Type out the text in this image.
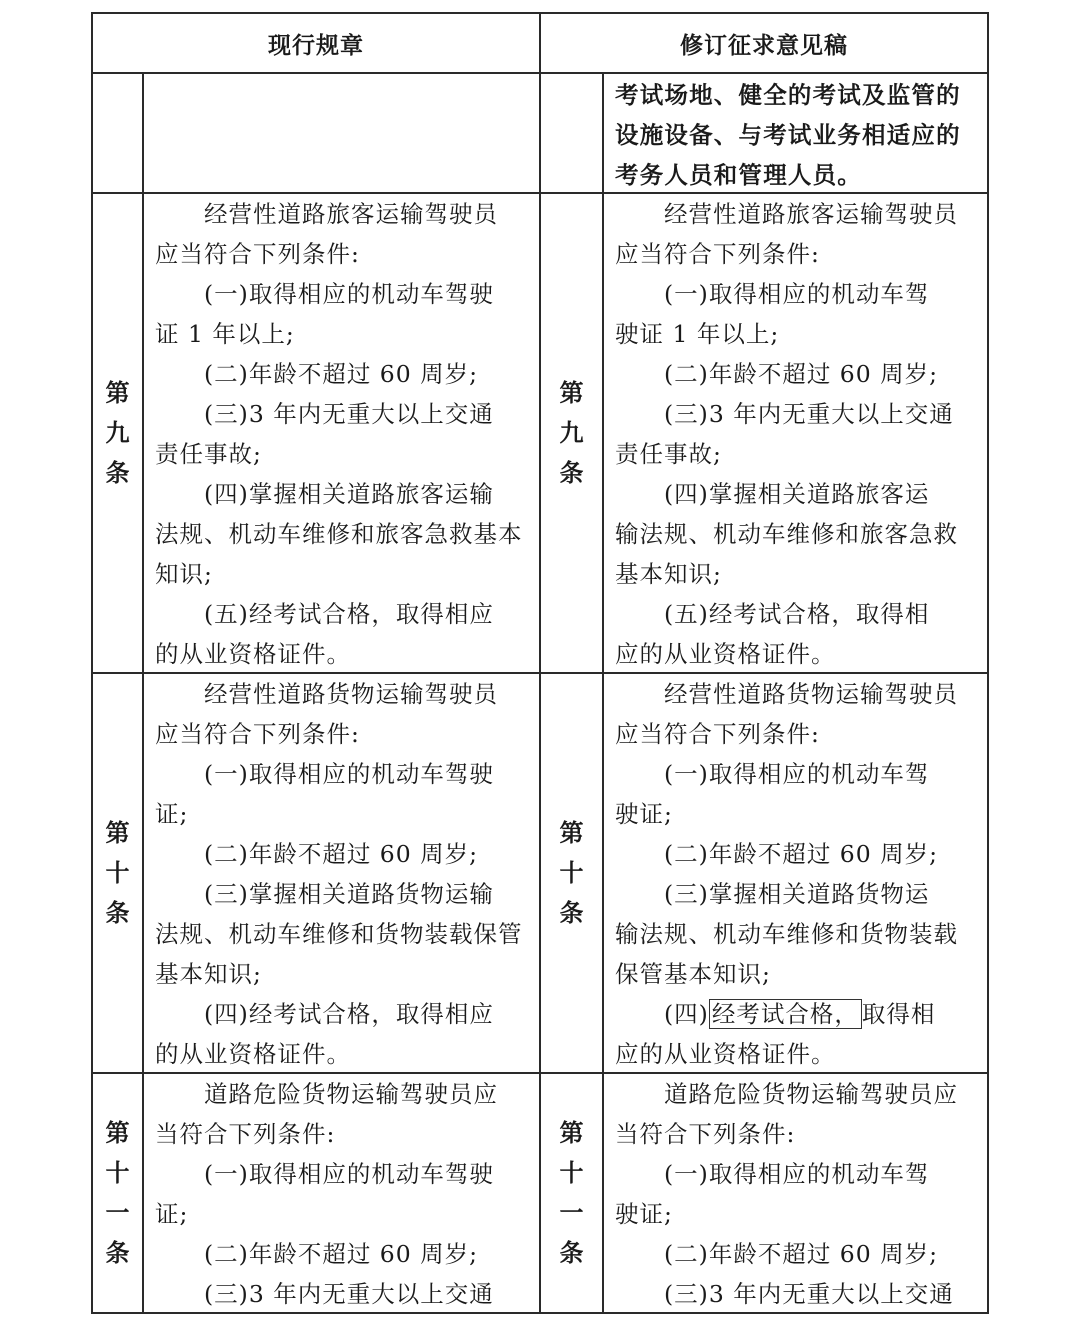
现行规章	修订征求意见稿
考试场地、健全的考试及监管的
设施设备、与考试业务相适应的
考务人员和管理人员。
第
九
条
　　经营性道路旅客运输驾驶员
应当符合下列条件:
　　(一)取得相应的机动车驾驶
证 1 年以上;
　　(二)年龄不超过 60 周岁;
　　(三)3 年内无重大以上交通
责任事故;
　　(四)掌握相关道路旅客运输
法规、机动车维修和旅客急救基本
知识;
　　(五)经考试合格，取得相应
的从业资格证件。
第
九
条
　　经营性道路旅客运输驾驶员
应当符合下列条件:
　　(一)取得相应的机动车驾
驶证 1 年以上;
　　(二)年龄不超过 60 周岁;
　　(三)3 年内无重大以上交通
责任事故;
　　(四)掌握相关道路旅客运
输法规、机动车维修和旅客急救
基本知识;
　　(五)经考试合格，取得相
应的从业资格证件。
第
十
条
　　经营性道路货物运输驾驶员
应当符合下列条件:
　　(一)取得相应的机动车驾驶
证;
　　(二)年龄不超过 60 周岁;
　　(三)掌握相关道路货物运输
法规、机动车维修和货物装载保管
基本知识;
　　(四)经考试合格，取得相应
的从业资格证件。
第
十
条
　　经营性道路货物运输驾驶员
应当符合下列条件:
　　(一)取得相应的机动车驾
驶证;
　　(二)年龄不超过 60 周岁;
　　(三)掌握相关道路货物运
输法规、机动车维修和货物装载
保管基本知识;
　　(四) 经考试合格， 取得相
应的从业资格证件。
第
十
一
条
　　道路危险货物运输驾驶员应
当符合下列条件:
　　(一)取得相应的机动车驾驶
证;
　　(二)年龄不超过 60 周岁;
　　(三)3 年内无重大以上交通
第
十
一
条
　　道路危险货物运输驾驶员应
当符合下列条件:
　　(一)取得相应的机动车驾
驶证;
　　(二)年龄不超过 60 周岁;
　　(三)3 年内无重大以上交通
